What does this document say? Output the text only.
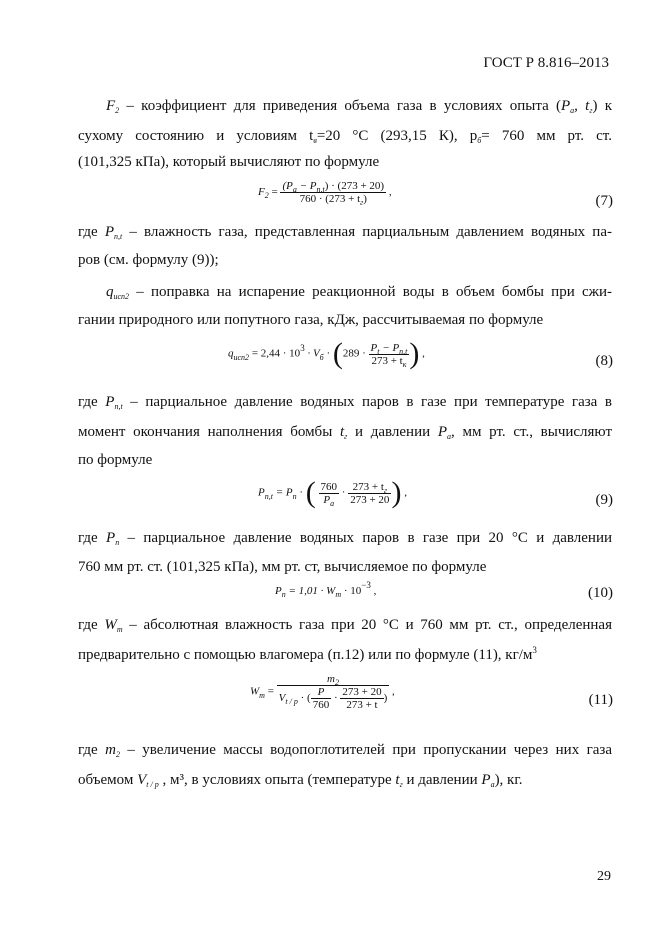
ГОСТ Р 8.816–2013
$F_2$ – коэффициент для приведения объема газа в условиях опыта ($P_a$, $t_г$) к
сухому состоянию и условиям $t_в=20$ °С (293,15 К), $p_б= 760$ мм рт. ст.
(101,325 кПа), который вычисляют по формуле
$F_2 = \frac{(P_a - P_{п,t}) \cdot (273 + 20)}{760 \cdot (273 + t_г)}$ ,
(7)
где $P_{п,t}$ – влажность газа, представленная парциальным давлением водяных па-
ров (см. формулу (9));
$q_{исп2}$ – поправка на испарение реакционной воды в объем бомбы при сжи-
гании природного или попутного газа, кДж, рассчитываемая по формуле
$q_{исп2} = 2,44 \cdot 10^3 \cdot V_б \cdot (289 \cdot \frac{P_t - P_{п,t}}{273 + t_к}$ ) ,	(8)
где $P_{п,t}$ – парциальное давление водяных паров в газе при температуре газа в
момент окончания наполнения бомбы $t_г$ и давлении $P_a$, мм рт. ст., вычисляют
по формуле
$P_{п,t} = P_п$ · ( $\frac{760}{P_a} \cdot \frac{273 + t_г}{273 + 20}$ ) ,	(9)
где $P_п$ – парциальное давление водяных паров в газе при 20 °С и давлении
760 мм рт. ст. (101,325 кПа), мм рт. ст, вычисляемое по формуле
$P_п = 1,01 \cdot W_т \cdot 10^{-3}$ ,	(10)
где $W_т$ – абсолютная влажность газа при 20 °С и 760 мм рт. ст., определенная
предварительно с помощью влагомера (п.12) или по формуле (11), $кг/м^3$
$W_т = \frac{m_2}{V_{t / p} \cdot ( \frac{P}{760} \cdot \frac{273 + 20}{273 + t} )}$ ,
(11)
где $m_2$ – увеличение массы водопоглотителей при пропускании через них газа
объемом $V_{t / p}$ , м³, в условиях опыта (температуре $t_г$ и давлении $P_a$), кг.
29
